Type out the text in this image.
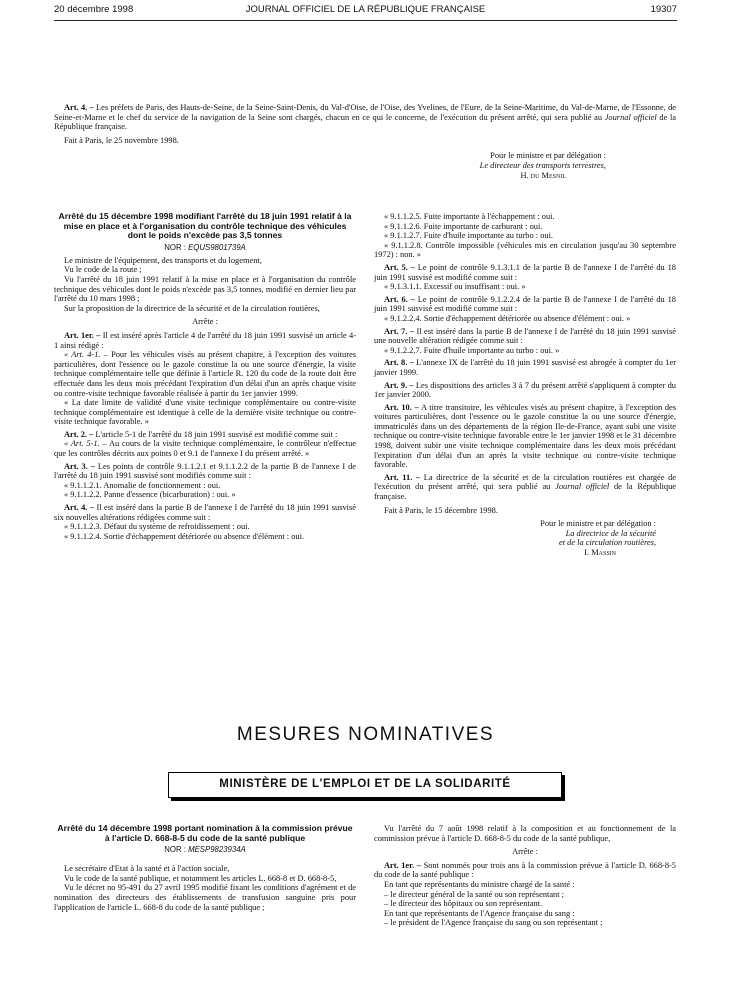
20 décembre 1998	JOURNAL OFFICIEL DE LA RÉPUBLIQUE FRANÇAISE	19307

Art. 4. – Les préfets de Paris, des Hauts-de-Seine, de la Seine-Saint-Denis, du Val-d'Oise, de l'Oise, des Yvelines, de l'Eure, de la Seine-Maritime, du Val-de-Marne, de l'Essonne, de Seine-et-Marne et le chef du service de la navigation de la Seine sont chargés, chacun en ce qui le concerne, de l'exécution du présent arrêté, qui sera publié au Journal officiel de la République française.

Fait à Paris, le 25 novembre 1998.

Pour le ministre et par délégation :
Le directeur des transports terrestres,
H. du Mesnil

Arrêté du 15 décembre 1998 modifiant l'arrêté du 18 juin 1991 relatif à la mise en place et à l'organisation du contrôle technique des véhicules dont le poids n'excède pas 3,5 tonnes

NOR : EQUS9801739A

Le ministre de l'équipement, des transports et du logement,

Vu le code de la route ;

Vu l'arrêté du 18 juin 1991 relatif à la mise en place et à l'organisation du contrôle technique des véhicules dont le poids n'excède pas 3,5 tonnes, modifié en dernier lieu par l'arrêté du 10 mars 1998 ;

Sur la proposition de la directrice de la sécurité et de la circulation routières,

Arrête :

Art. 1er. – Il est inséré après l'article 4 de l'arrêté du 18 juin 1991 susvisé un article 4-1 ainsi rédigé :

« Art. 4-1. – Pour les véhicules visés au présent chapitre, à l'exception des voitures particulières, dont l'essence ou le gazole constitue la ou une source d'énergie, la visite technique complémentaire telle que définie à l'article R. 120 du code de la route doit être effectuée dans les deux mois précédant l'expiration d'un délai d'un an après chaque visite ou contre-visite technique favorable réalisée à partir du 1er janvier 1999.

« La date limite de validité d'une visite technique complémentaire ou contre-visite technique complémentaire est identique à celle de la dernière visite technique ou contre-visite technique favorable. »

Art. 2. – L'article 5-1 de l'arrêté du 18 juin 1991 susvisé est modifié comme suit :

« Art. 5-1. – Au cours de la visite technique complémentaire, le contrôleur n'effectue que les contrôles décrits aux points 0 et 9.1 de l'annexe I du présent arrêté. »

Art. 3. – Les points de contrôle 9.1.1.2.1 et 9.1.1.2.2 de la partie B de l'annexe I de l'arrêté du 18 juin 1991 susvisé sont modifiés comme suit :

« 9.1.1.2.1. Anomalie de fonctionnement : oui.

« 9.1.1.2.2. Panne d'essence (bicarburation) : oui. »

Art. 4. – Il est inséré dans la partie B de l'annexe I de l'arrêté du 18 juin 1991 susvisé six nouvelles altérations rédigées comme suit :

« 9.1.1.2.3. Défaut du système de refroidissement : oui.

« 9.1.1.2.4. Sortie d'échappement détériorée ou absence d'élément : oui.

« 9.1.1.2.5. Fuite importante à l'échappement : oui.

« 9.1.1.2.6. Fuite importante de carburant : oui.

« 9.1.1.2.7. Fuite d'huile importante au turbo : oui.

« 9.1.1.2.8. Contrôle impossible (véhicules mis en circulation jusqu'au 30 septembre 1972) : non. »

Art. 5. – Le point de contrôle 9.1.3.1.1 de la partie B de l'annexe I de l'arrêté du 18 juin 1991 susvisé est modifié comme suit :

« 9.1.3.1.1. Excessif ou insuffisant : oui. »

Art. 6. – Le point de contrôle 9.1.2.2.4 de la partie B de l'annexe I de l'arrêté du 18 juin 1991 susvisé est modifié comme suit :

« 9.1.2.2.4. Sortie d'échappement détériorée ou absence d'élément : oui. »

Art. 7. – Il est inséré dans la partie B de l'annexe I de l'arrêté du 18 juin 1991 susvisé une nouvelle altération rédigée comme suit :

« 9.1.2.2.7. Fuite d'huile importante au turbo : oui. »

Art. 8. – L'annexe IX de l'arrêté du 18 juin 1991 susvisé est abrogée à compter du 1er janvier 1999.

Art. 9. – Les dispositions des articles 3 à 7 du présent arrêté s'appliquent à compter du 1er janvier 2000.

Art. 10. – A titre transitoire, les véhicules visés au présent chapitre, à l'exception des voitures particulières, dont l'essence ou le gazole constitue la ou une source d'énergie, immatriculés dans un des départements de la région Ile-de-France, ayant subi une visite technique ou contre-visite technique favorable entre le 1er janvier 1998 et le 31 décembre 1998, doivent subir une visite technique complémentaire dans les deux mois précédant l'expiration d'un délai d'un an après la visite technique ou contre-visite technique favorable.

Art. 11. – La directrice de la sécurité et de la circulation routières est chargée de l'exécution du présent arrêté, qui sera publié au Journal officiel de la République française.

Fait à Paris, le 15 décembre 1998.

Pour le ministre et par délégation :
La directrice de la sécurité
et de la circulation routières,
I. Massin
MESURES NOMINATIVES
MINISTÈRE DE L'EMPLOI ET DE LA SOLIDARITÉ

Arrêté du 14 décembre 1998 portant nomination à la commission prévue à l'article D. 668-8-5 du code de la santé publique

NOR : MESP9823934A

Le secrétaire d'Etat à la santé et à l'action sociale,

Vu le code de la santé publique, et notamment les articles L. 668-8 et D. 668-8-5,

Vu le décret no 95-491 du 27 avril 1995 modifié fixant les conditions d'agrément et de nomination des directeurs des établissements de transfusion sanguine pris pour l'application de l'article L. 668-8 du code de la santé publique ;

Vu l'arrêté du 7 août 1998 relatif à la composition et au fonctionnement de la commission prévue à l'article D. 668-8-5 du code de la santé publique,

Arrête :

Art. 1er. – Sont nommés pour trois ans à la commission prévue à l'article D. 668-8-5 du code de la santé publique :

En tant que représentants du ministre chargé de la santé :

– le directeur général de la santé ou son représentant ;

– le directeur des hôpitaux ou son représentant.

En tant que représentants de l'Agence française du sang :

– le président de l'Agence française du sang ou son représentant ;
